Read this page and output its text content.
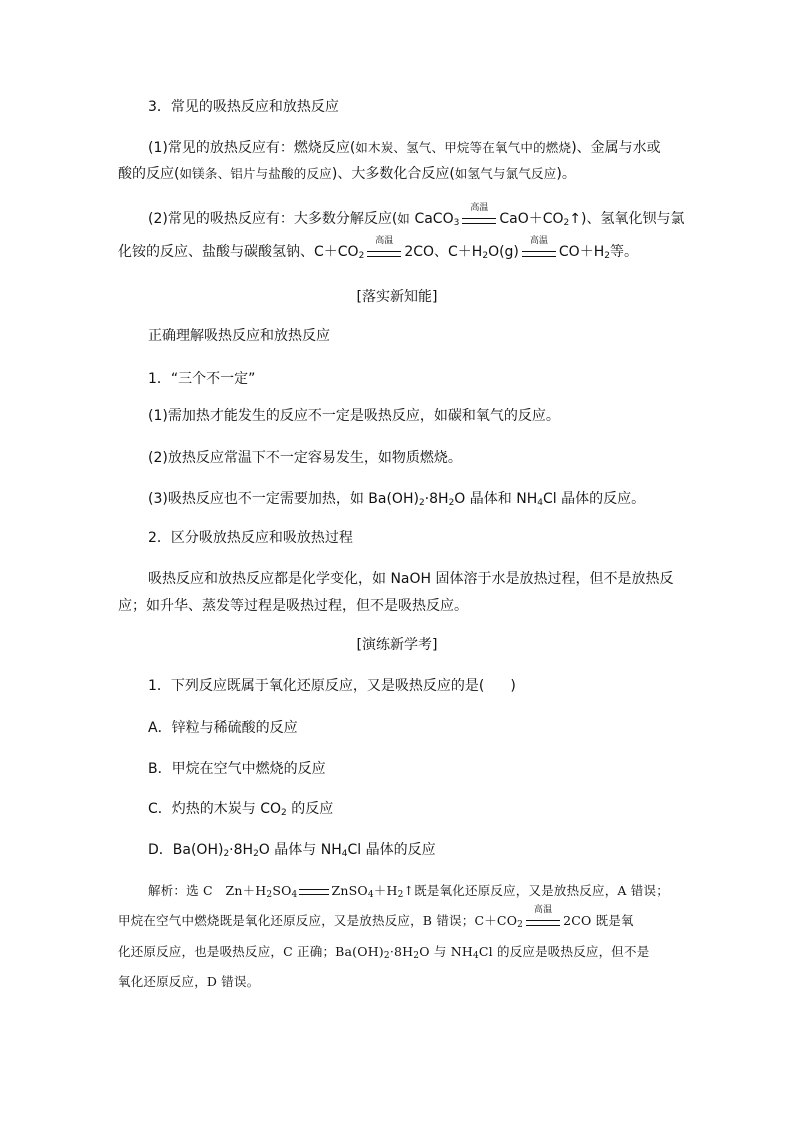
3．常见的吸热反应和放热反应
(1)常见的放热反应有：燃烧反应(如木炭、氢气、甲烷等在氧气中的燃烧)、金属与水或
酸的反应(如镁条、铝片与盐酸的反应)、大多数化合反应(如氢气与氯气反应)。
(2)常见的吸热反应有：大多数分解反应(如 CaCO$_3$
高温
$CaO+CO_2↑$)、氢氧化钡与氯
化铵的反应、盐酸与碳酸氢钠、$C+CO_2$
高温
2CO、$C+H_2O(g)$
高温
$CO+H_2$等。
[落实新知能]
正确理解吸热反应和放热反应
1．“三个不一定”
(1)需加热才能发生的反应不一定是吸热反应，如碳和氧气的反应。
(2)放热反应常温下不一定容易发生，如物质燃烧。
(3)吸热反应也不一定需要加热，如 $Ba(OH)_2\cdot 8H_2O$ 晶体和 $NH_4Cl$ 晶体的反应。
2．区分吸放热反应和吸放热过程
吸热反应和放热反应都是化学变化，如 NaOH 固体溶于水是放热过程，但不是放热反
应；如升华、蒸发等过程是吸热过程，但不是吸热反应。
[演练新学考]
1．下列反应既属于氧化还原反应，又是吸热反应的是( )
A．锌粒与稀硫酸的反应
B．甲烷在空气中燃烧的反应
C．灼热的木炭与 $CO_2$ 的反应
D．$Ba(OH)_2\cdot 8H_2O$ 晶体与 $NH_4Cl$ 晶体的反应
解析：选 C　$Zn+H_2SO_4$	$ZnSO_4+H_2↑$既是氧化还原反应，又是放热反应，A 错误；
甲烷在空气中燃烧既是氧化还原反应，又是放热反应，B 错误；$C+CO_2$
高温
2CO 既是氧
化还原反应，也是吸热反应，C 正确；$Ba(OH)_2\cdot 8H_2O$ 与 $NH_4Cl$ 的反应是吸热反应，但不是
氧化还原反应，D 错误。
